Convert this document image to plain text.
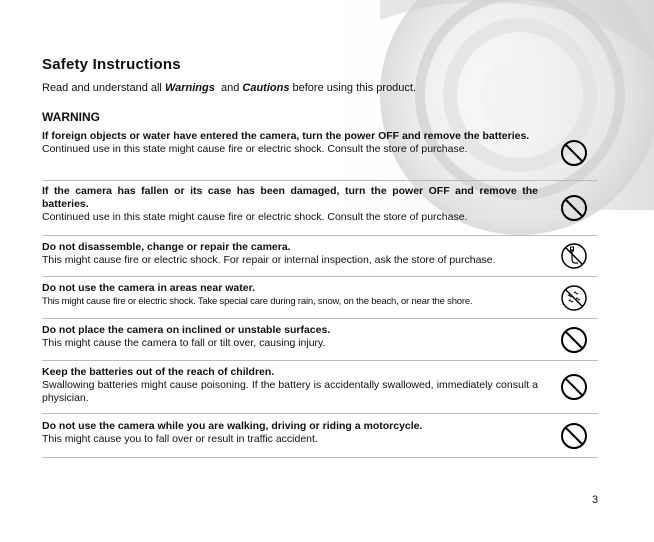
Safety Instructions
Read and understand all Warnings  and Cautions before using this product.
WARNING
If foreign objects or water have entered the camera, turn the power OFF and remove the batteries.
Continued use in this state might cause fire or electric shock. Consult the store of purchase.
If the camera has fallen or its case has been damaged, turn the power OFF and remove the batteries.
Continued use in this state might cause fire or electric shock. Consult the store of purchase.
Do not disassemble, change or repair the camera.
This might cause fire or electric shock. For repair or internal inspection, ask the store of purchase.
Do not use the camera in areas near water.
This might cause fire or electric shock. Take special care during rain, snow, on the beach, or near the shore.
Do not place the camera on inclined or unstable surfaces.
This might cause the camera to fall or tilt over, causing injury.
Keep the batteries out of the reach of children.
Swallowing batteries might cause poisoning. If the battery is accidentally swallowed, immediately consult a physician.
Do not use the camera while you are walking, driving or riding a motorcycle.
This might cause you to fall over or result in traffic accident.
3
